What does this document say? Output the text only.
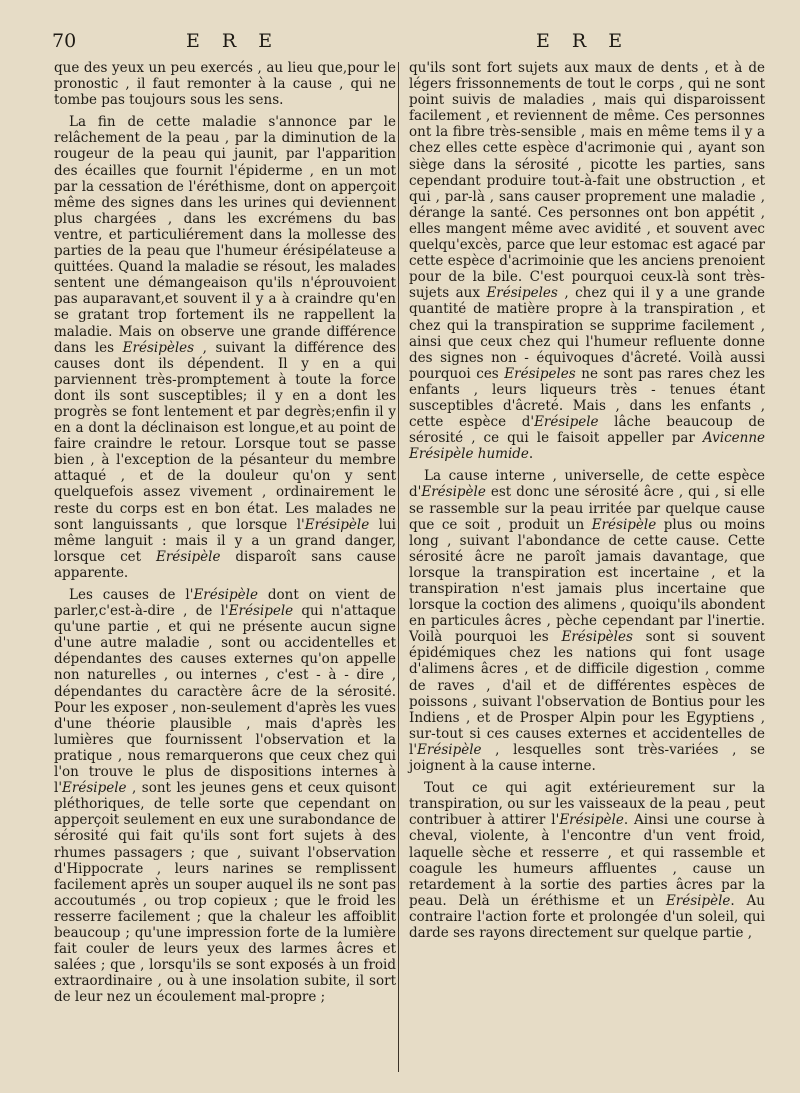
70	E R E	E R E

que des yeux un peu exercés , au lieu que,pour le pronostic , il faut remonter à la cause , qui ne tombe pas toujours sous les sens.

La fin de cette maladie s'annonce par le relâchement de la peau , par la diminution de la rougeur de la peau qui jaunit, par l'apparition des écailles que fournit l'épiderme , en un mot par la cessation de l'éréthisme, dont on apperçoit même des signes dans les urines qui deviennent plus chargées , dans les excrémens du bas ventre, et particuliérement dans la mollesse des parties de la peau que l'humeur érésipélateuse a quittées. Quand la maladie se résout, les malades sentent une démangeaison qu'ils n'éprouvoient pas auparavant,et souvent il y a à craindre qu'en se gratant trop fortement ils ne rappellent la maladie. Mais on observe une grande différence dans les Erésipèles , suivant la différence des causes dont ils dépendent. Il y en a qui parviennent très-promptement à toute la force dont ils sont susceptibles; il y en a dont les progrès se font lentement et par degrès;enfin il y en a dont la déclinaison est longue,et au point de faire craindre le retour. Lorsque tout se passe bien , à l'exception de la pésanteur du membre attaqué , et de la douleur qu'on y sent quelquefois assez vivement , ordinairement le reste du corps est en bon état. Les malades ne sont languissants , que lorsque l'Erésipèle lui même languit : mais il y a un grand danger, lorsque cet Erésipèle disparoît sans cause apparente.

Les causes de l'Erésipèle dont on vient de parler,c'est-à-dire , de l'Erésipele qui n'attaque qu'une partie , et qui ne présente aucun signe d'une autre maladie , sont ou accidentelles et dépendantes des causes externes qu'on appelle non naturelles , ou internes , c'est - à - dire , dépendantes du caractère âcre de la sérosité. Pour les exposer , non-seulement d'après les vues d'une théorie plausible , mais d'après les lumières que fournissent l'observation et la pratique , nous remarquerons que ceux chez qui l'on trouve le plus de dispositions internes à l'Erésipele , sont les jeunes gens et ceux quisont pléthoriques, de telle sorte que cependant on apperçoit seulement en eux une surabondance de sérosité qui fait qu'ils sont fort sujets à des rhumes passagers ; que , suivant l'observation d'Hippocrate , leurs narines se remplissent facilement après un souper auquel ils ne sont pas accoutumés , ou trop copieux ; que le froid les resserre facilement ; que la chaleur les affoiblit beaucoup ; qu'une impression forte de la lumière fait couler de leurs yeux des larmes âcres et salées ; que , lorsqu'ils se sont exposés à un froid extraordinaire , ou à une insolation subite, il sort de leur nez un écoulement mal-propre ;

qu'ils sont fort sujets aux maux de dents , et à de légers frissonnements de tout le corps , qui ne sont point suivis de maladies , mais qui disparoissent facilement , et reviennent de même. Ces personnes ont la fibre très-sensible , mais en même tems il y a chez elles cette espèce d'acrimonie qui , ayant son siège dans la sérosité , picotte les parties, sans cependant produire tout-à-fait une obstruction , et qui , par-là , sans causer proprement une maladie , dérange la santé. Ces personnes ont bon appétit , elles mangent même avec avidité , et souvent avec quelqu'excès, parce que leur estomac est agacé par cette espèce d'acrimoinie que les anciens prenoient pour de la bile. C'est pourquoi ceux-là sont très-sujets aux Erésipeles , chez qui il y a une grande quantité de matière propre à la transpiration , et chez qui la transpiration se supprime facilement , ainsi que ceux chez qui l'humeur refluente donne des signes non - équivoques d'âcreté. Voilà aussi pourquoi ces Erésipeles ne sont pas rares chez les enfants , leurs liqueurs très - tenues étant susceptibles d'âcreté. Mais , dans les enfants , cette espèce d'Erésipele lâche beaucoup de sérosité , ce qui le faisoit appeller par Avicenne Erésipèle humide.

La cause interne , universelle, de cette espèce d'Erésipèle est donc une sérosité âcre , qui , si elle se rassemble sur la peau irritée par quelque cause que ce soit , produit un Erésipèle plus ou moins long , suivant l'abondance de cette cause. Cette sérosité âcre ne paroît jamais davantage, que lorsque la transpiration est incertaine , et la transpiration n'est jamais plus incertaine que lorsque la coction des alimens , quoiqu'ils abondent en particules âcres , pèche cependant par l'inertie. Voilà pourquoi les Erésipèles sont si souvent épidémiques chez les nations qui font usage d'alimens âcres , et de difficile digestion , comme de raves , d'ail et de différentes espèces de poissons , suivant l'observation de Bontius pour les Indiens , et de Prosper Alpin pour les Egyptiens , sur-tout si ces causes externes et accidentelles de l'Erésipèle , lesquelles sont très-variées , se joignent à la cause interne.

Tout ce qui agit extérieurement sur la transpiration, ou sur les vaisseaux de la peau , peut contribuer à attirer l'Erésipèle. Ainsi une course à cheval, violente, à l'encontre d'un vent froid, laquelle sèche et resserre , et qui rassemble et coagule les humeurs affluentes , cause un retardement à la sortie des parties âcres par la peau. Delà un éréthisme et un Erésipèle. Au contraire l'action forte et prolongée d'un soleil, qui darde ses rayons directement sur quelque partie ,
